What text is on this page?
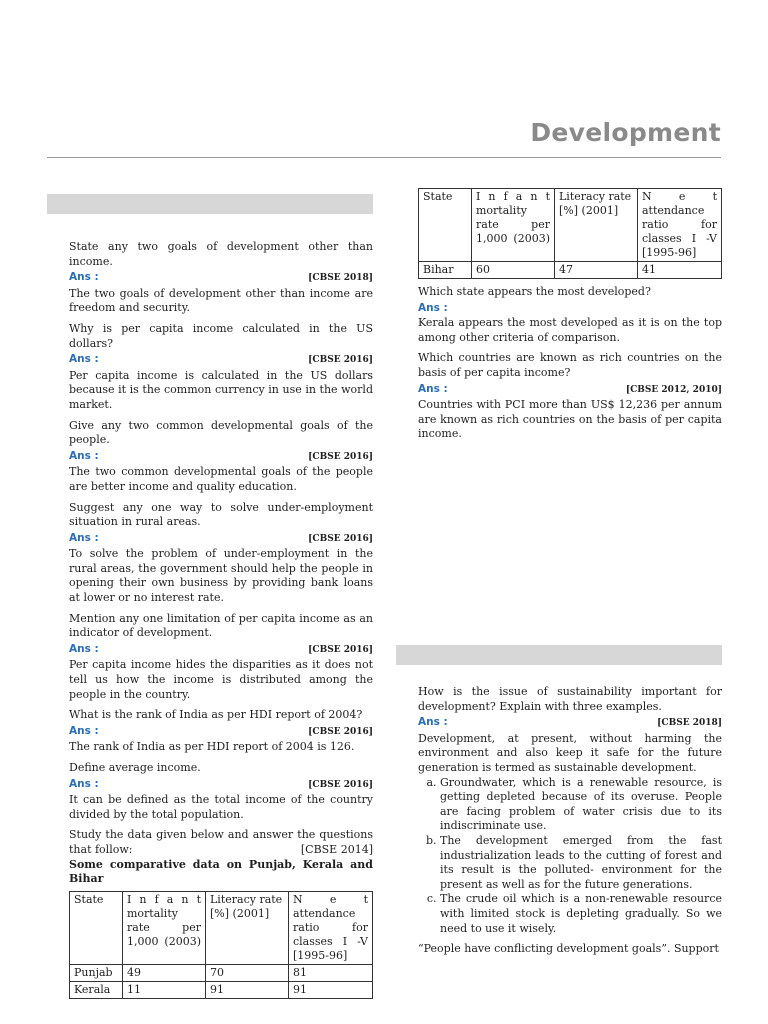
Development

State any two goals of development other than income.

Ans :	[CBSE 2018]

The two goals of development other than income are freedom and security.

Why is per capita income calculated in the US dollars?

Ans :	[CBSE 2016]

Per capita income is calculated in the US dollars because it is the common currency in use in the world market.

Give any two common developmental goals of the people.

Ans :	[CBSE 2016]

The two common developmental goals of the people are better income and quality education.

Suggest any one way to solve under-employment situation in rural areas.

Ans :	[CBSE 2016]

To solve the problem of under-employment in the rural areas, the government should help the people in opening their own business by providing bank loans at lower or no interest rate.

Mention any one limitation of per capita income as an indicator of development.

Ans :	[CBSE 2016]

Per capita income hides the disparities as it does not tell us how the income is distributed among the people in the country.

What is the rank of India as per HDI report of 2004?

Ans :	[CBSE 2016]

The rank of India as per HDI report of 2004 is 126.

Define average income.

Ans :	[CBSE 2016]

It can be defined as the total income of the country divided by the total population.

Study the data given below and answer the questions that follow:	[CBSE 2014]

Some comparative data on Punjab, Kerala and Bihar

State	I n f a n t mortality rate per 1,000 (2003)	Literacy rate [%] (2001]	N e t attendance ratio for classes I -V [1995-96]
Punjab	49	70	81
Kerala	11	91	91
State	I n f a n t mortality rate per 1,000 (2003)	Literacy rate [%] (2001]	N e t attendance ratio for classes I -V [1995-96]
Bihar	60	47	41

Which state appears the most developed?

Ans :

Kerala appears the most developed as it is on the top among other criteria of comparison.

Which countries are known as rich countries on the basis of per capita income?

Ans :	[CBSE 2012, 2010]

Countries with PCI more than US$ 12,236 per annum are known as rich countries on the basis of per capita income.

How is the issue of sustainability important for development? Explain with three examples.

Ans :	[CBSE 2018]

Development, at present, without harming the environment and also keep it safe for the future generation is termed as sustainable development.

a. Groundwater, which is a renewable resource, is getting depleted because of its overuse. People are facing problem of water crisis due to its indiscriminate use.
b. The development emerged from the fast industrialization leads to the cutting of forest and its result is the polluted- environment for the present as well as for the future generations.
c. The crude oil which is a non-renewable resource with limited stock is depleting gradually. So we need to use it wisely.

“People have conflicting development goals”. Support
